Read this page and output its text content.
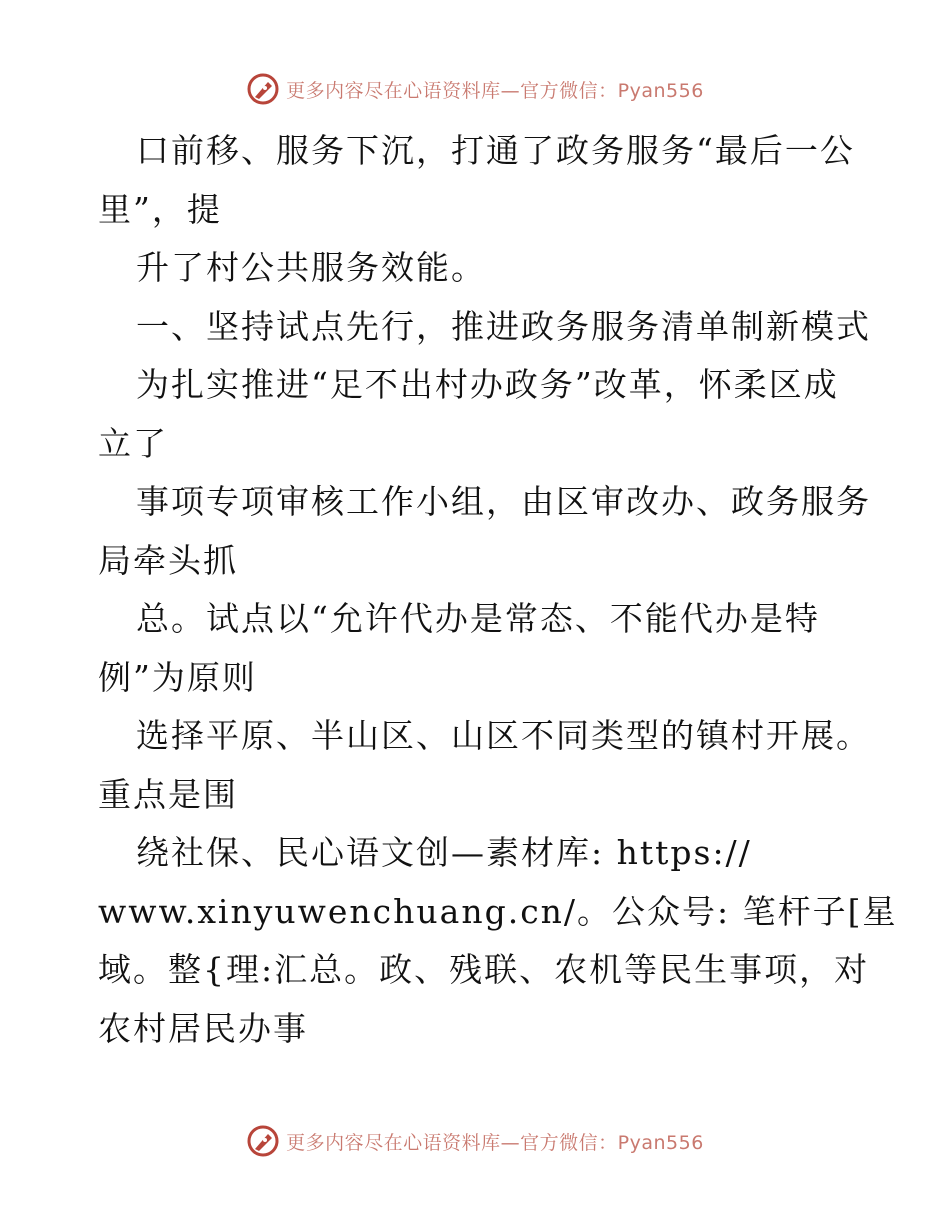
更多内容尽在心语资料库—官方微信：Pyan556
口前移、服务下沉，打通了政务服务“最后一公
里”，提
升了村公共服务效能。
一、坚持试点先行，推进政务服务清单制新模式
为扎实推进“足不出村办政务”改革，怀柔区成
立了
事项专项审核工作小组，由区审改办、政务服务
局牵头抓
总。试点以“允许代办是常态、不能代办是特
例”为原则
选择平原、半山区、山区不同类型的镇村开展。
重点是围
绕社保、民心语文创—素材库: https://
www.xinyuwenchuang.cn/。公众号: 笔杆子[星
域。整{理:汇总。政、残联、农机等民生事项，对
农村居民办事
更多内容尽在心语资料库—官方微信：Pyan556
